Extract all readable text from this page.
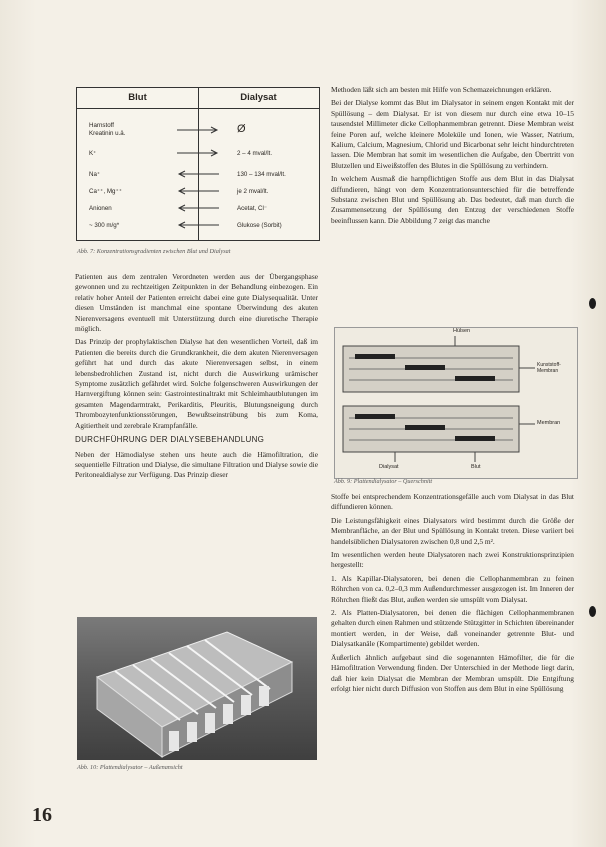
Blut	Dialysat
Harnstoff
Kreatinin u.ä.	Ø
K⁺	2 – 4 mval/lt.
Na⁺	130 – 134 mval/lt.
Ca⁺⁺, Mg⁺⁺	je 2 mval/lt.
Anionen	Acetat, Cl⁻
~ 300 m/g*	Glukose (Sorbit)
Abb. 7: Konzentrationsgradienten zwischen Blut und Dialysat

Patienten aus dem zentralen Verordneten werden aus der Übergangsphase gewonnen und zu rechtzeitigen Zeitpunkten in der Behandlung einbezogen. Ein relativ hoher Anteil der Patienten erreicht dabei eine gute Dialysequalität. Unter diesen Umständen ist manchmal eine spontane Überwindung des akuten Nierenversagens eventuell mit Unterstützung durch eine diuretische Therapie möglich.

Das Prinzip der prophylaktischen Dialyse hat den wesentlichen Vorteil, daß im Patienten die bereits durch die Grundkrankheit, die dem akuten Nierenversagen geführt hat und durch das akute Nierenversagen selbst, in einem lebensbedrohlichen Zustand ist, nicht durch die Auswirkung urämischer Symptome zusätzlich gefährdet wird. Solche folgenschweren Auswirkungen der Harnvergiftung können sein: Gastrointestinaltrakt mit Schleimhautblutungen im gesamten Magendarmtrakt, Perikarditis, Pleuritis, Blutungsneigung durch Thrombozytenfunktionsstörungen, Bewußtseinstrübung bis zum Koma, Agitiertheit und zerebrale Krampfanfälle.

DURCHFÜHRUNG DER DIALYSEBEHANDLUNG

Neben der Hämodialyse stehen uns heute auch die Hämofiltration, die sequentielle Filtration und Dialyse, die simultane Filtration und Dialyse sowie die Peritonealdialyse zur Verfügung. Das Prinzip dieser

Abb. 10: Plattendialysator – Außenansicht

Methoden läßt sich am besten mit Hilfe von Schemazeichnungen erklären.

Bei der Dialyse kommt das Blut im Dialysator in seinem engen Kontakt mit der Spüllösung – dem Dialysat. Er ist von diesem nur durch eine etwa 10–15 tausendstel Millimeter dicke Cellophanmembran getrennt. Diese Membran weist feine Poren auf, welche kleinere Moleküle und Ionen, wie Wasser, Natrium, Kalium, Calcium, Magnesium, Chlorid und Bicarbonat sehr leicht hindurchtreten lassen. Die Membran hat somit im wesentlichen die Aufgabe, den Übertritt von Blutzellen und Eiweißstoffen des Blutes in die Spüllösung zu verhindern.

In welchem Ausmaß die harnpflichtigen Stoffe aus dem Blut in das Dialysat diffundieren, hängt von dem Konzentrationsunterschied für die betreffende Substanz zwischen Blut und Spüllösung ab. Das bedeutet, daß man durch die Zusammensetzung der Spüllösung den Entzug der verschiedenen Stoffe beeinflussen kann. Die Abbildung 7 zeigt das manche

Hülsen
Kunststoff-
Membran
Membran
Dialysat	Blut
Abb. 9: Plattendialysator – Querschnitt

Stoffe bei entsprechendem Konzentrationsgefälle auch vom Dialysat in das Blut diffundieren können.

Die Leistungsfähigkeit eines Dialysators wird bestimmt durch die Größe der Membranfläche, an der Blut und Spüllösung in Kontakt treten. Diese variiert bei handelsüblichen Dialysatoren zwischen 0,8 und 2,5 m².

Im wesentlichen werden heute Dialysatoren nach zwei Konstruktionsprinzipien hergestellt:

1. Als Kapillar-Dialysatoren, bei denen die Cellophanmembran zu feinen Röhrchen von ca. 0,2–0,3 mm Außendurchmesser ausgezogen ist. Im Inneren der Röhrchen fließt das Blut, außen werden sie umspült vom Dialysat.

2. Als Platten-Dialysatoren, bei denen die flächigen Cellophanmembranen gehalten durch einen Rahmen und stützende Stützgitter in Schichten übereinander montiert werden, in der Weise, daß voneinander getrennte Blut- und Dialysatkanäle (Kompartimente) gebildet werden.

Äußerlich ähnlich aufgebaut sind die sogenannten Hämofilter, die für die Hämofiltration Verwendung finden. Der Unterschied in der Methode liegt darin, daß hier kein Dialysat die Membran der Membran umspült. Die Entgiftung erfolgt hier nicht durch Diffusion von Stoffen aus dem Blut in eine Spüllösung

16
